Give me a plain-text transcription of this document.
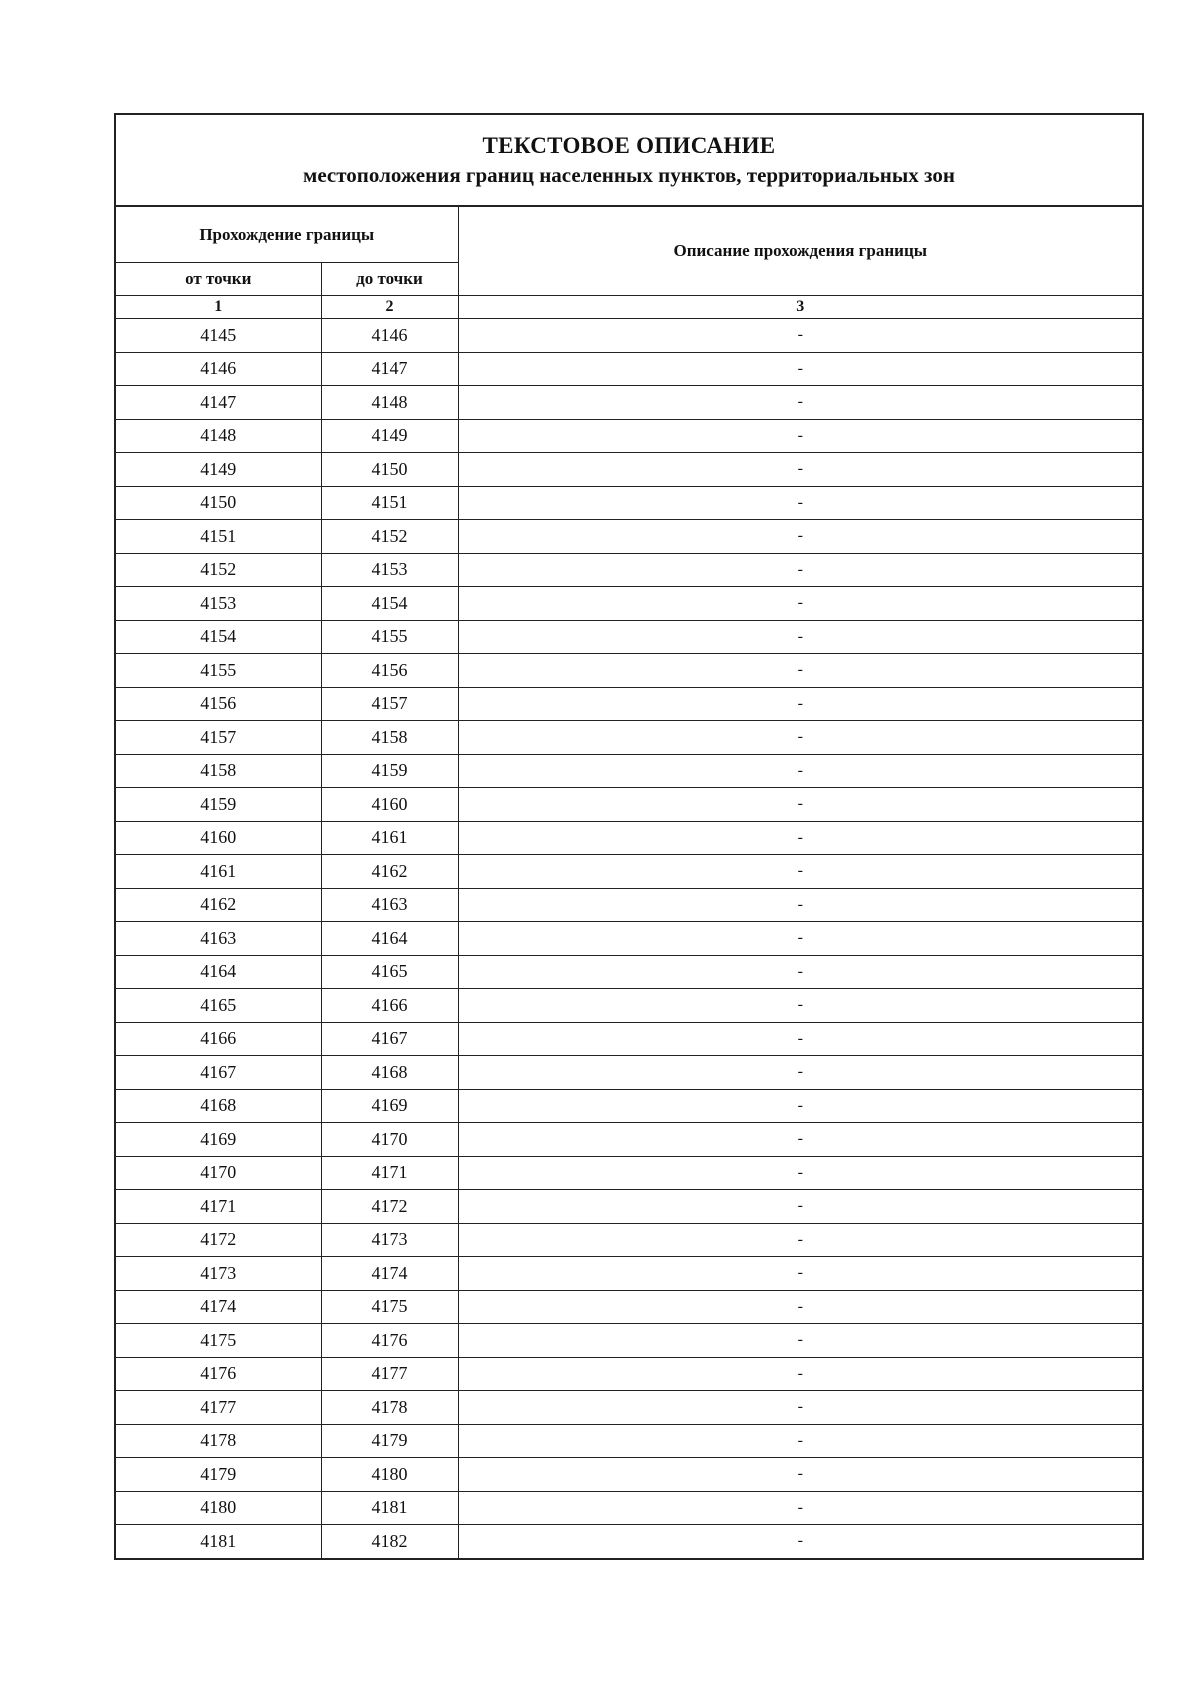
ТЕКСТОВОЕ ОПИСАНИЕ
местоположения границ населенных пунктов, территориальных зон
Прохождение границы		Описание прохождения границы
от точки	до точки	
1	2	3
4145	4146	-
4146	4147	-
4147	4148	-
4148	4149	-
4149	4150	-
4150	4151	-
4151	4152	-
4152	4153	-
4153	4154	-
4154	4155	-
4155	4156	-
4156	4157	-
4157	4158	-
4158	4159	-
4159	4160	-
4160	4161	-
4161	4162	-
4162	4163	-
4163	4164	-
4164	4165	-
4165	4166	-
4166	4167	-
4167	4168	-
4168	4169	-
4169	4170	-
4170	4171	-
4171	4172	-
4172	4173	-
4173	4174	-
4174	4175	-
4175	4176	-
4176	4177	-
4177	4178	-
4178	4179	-
4179	4180	-
4180	4181	-
4181	4182	-
